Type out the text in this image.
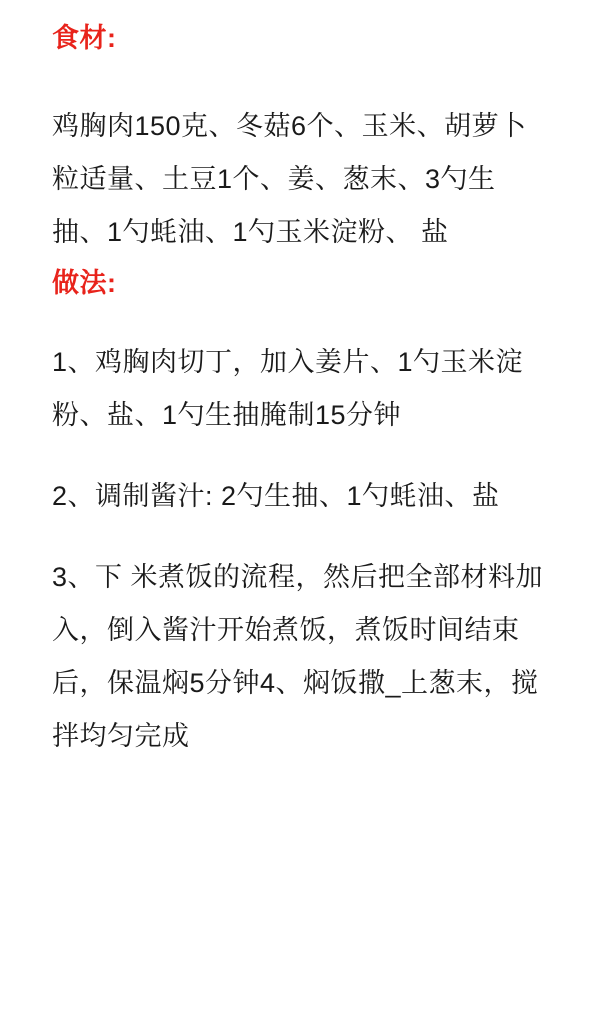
食材:

鸡胸肉150克、冬菇6个、玉米、胡萝卜粒适量、土豆1个、姜、葱末、3勺生抽、1勺蚝油、1勺玉米淀粉、 盐

做法:

1、鸡胸肉切丁，加入姜片、1勺玉米淀粉、盐、1勺生抽腌制15分钟

2、调制酱汁: 2勺生抽、1勺蚝油、盐

3、下 米煮饭的流程，然后把全部材料加入，倒入酱汁开始煮饭，煮饭时间结束后，保温焖5分钟4、焖饭撒_上葱末，搅拌均匀完成
